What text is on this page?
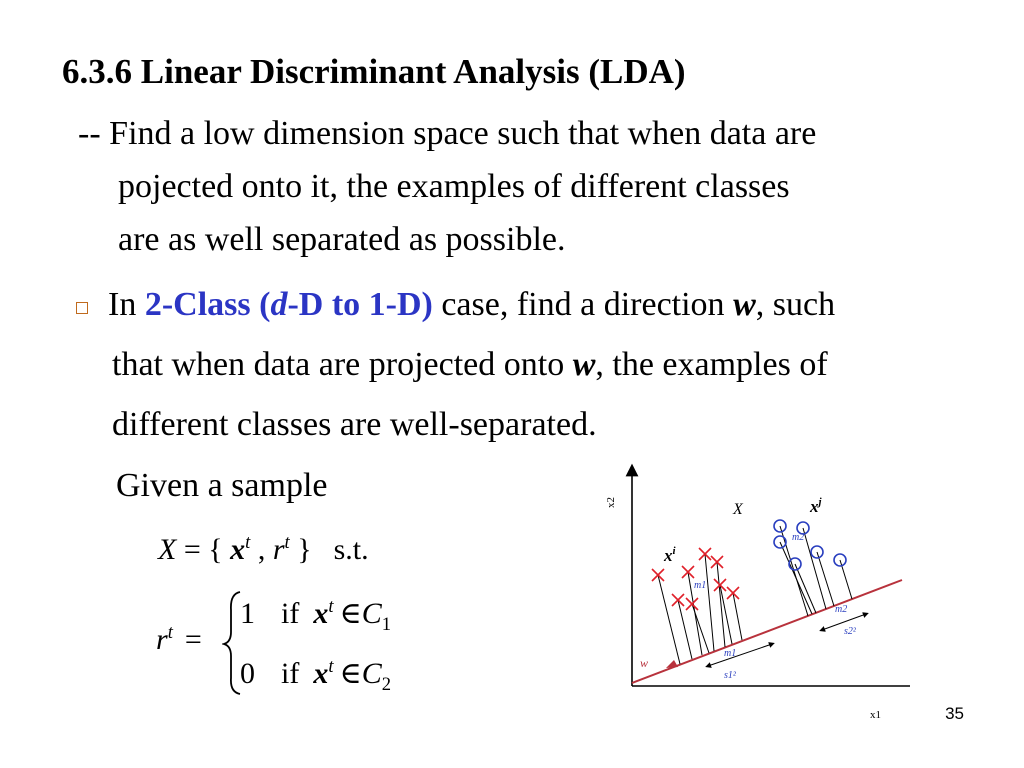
6.3.6 Linear Discriminant Analysis (LDA)
-- Find a low dimension space such that when data are
pojected onto it, the examples of different classes
are as well separated as possible.
In 2-Class (d-D to 1-D) case, find a direction w, such
that when data are projected onto w, the examples of
different classes are well-separated.
Given a sample
X = { $x^t$ , $r^t$ } s.t.
$r^t$ =
1 if $x^t$ $\in C_1$
0 if $x^t$ $\in C_2$
x1
x2
w
X
$x^i$
$x^j$
m1
m2
m1
m2
s1²
s2²
35
